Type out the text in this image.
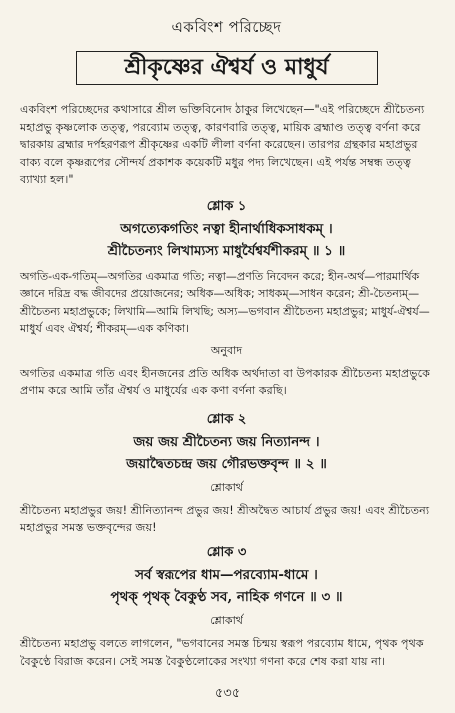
একবিংশ পরিচ্ছেদ
শ্রীকৃষ্ণের ঐশ্বর্য ও মাধুর্য

একবিংশ পরিচ্ছেদের কথাসারে শ্রীল ভক্তিবিনোদ ঠাকুর লিখেছেন—"এই পরিচ্ছেদে শ্রীচৈতন্য মহাপ্রভু কৃষ্ণলোক তত্ত্ব, পরব্যোম তত্ত্ব, কারণবারি তত্ত্ব, মায়িক ব্রহ্মাণ্ড তত্ত্ব বর্ণনা করে দ্বারকায় ব্রহ্মার দর্পহরণরূপ শ্রীকৃষ্ণের একটি লীলা বর্ণনা করেছেন। তারপর গ্রন্থকার মহাপ্রভুর বাক্য বলে কৃষ্ণরূপের সৌন্দর্য প্রকাশক কয়েকটি মধুর পদ্য লিখেছেন। এই পর্যন্ত সম্বন্ধ তত্ত্ব ব্যাখ্যা হল।"

শ্লোক ১
অগত্যেকগতিং নত্বা হীনার্থাধিকসাধকম্ ।
শ্রীচৈতন্যং লিখাম্যস্য মাধুর্যৈশ্বর্যশীকরম্ ॥ ১ ॥

অগতি-এক-গতিম্—অগতির একমাত্র গতি; নত্বা—প্রণতি নিবেদন করে; হীন-অর্থ—পারমার্থিক জ্ঞানে দরিদ্র বদ্ধ জীবদের প্রয়োজনের; অধিক—অধিক; সাধকম্—সাধন করেন; শ্রী-চৈতন্যম্—শ্রীচৈতন্য মহাপ্রভুকে; লিখামি—আমি লিখছি; অস্য—ভগবান শ্রীচৈতন্য মহাপ্রভুর; মাধুর্য-ঐশ্বর্য—মাধুর্য এবং ঐশ্বর্য; শীকরম্—এক কণিকা।

অনুবাদ

অগতির একমাত্র গতি এবং হীনজনের প্রতি অধিক অর্থদাতা বা উপকারক শ্রীচৈতন্য মহাপ্রভুকে প্রণাম করে আমি তাঁর ঐশ্বর্য ও মাধুর্যের এক কণা বর্ণনা করছি।

শ্লোক ২
জয় জয় শ্রীচৈতন্য জয় নিত্যানন্দ ।
জয়াদ্বৈতচন্দ্র জয় গৌরভক্তবৃন্দ ॥ ২ ॥
শ্লোকার্থ

শ্রীচৈতন্য মহাপ্রভুর জয়! শ্রীনিত্যানন্দ প্রভুর জয়! শ্রীঅদ্বৈত আচার্য প্রভুর জয়! এবং শ্রীচৈতন্য মহাপ্রভুর সমস্ত ভক্তবৃন্দের জয়!

শ্লোক ৩
সর্ব স্বরূপের ধাম—পরব্যোম-ধামে ।
পৃথক্ পৃথক্ বৈকুণ্ঠ সব, নাহিক গণনে ॥ ৩ ॥
শ্লোকার্থ

শ্রীচৈতন্য মহাপ্রভু বলতে লাগলেন, "ভগবানের সমস্ত চিন্ময় স্বরূপ পরব্যোম ধামে, পৃথক পৃথক বৈকুণ্ঠে বিরাজ করেন। সেই সমস্ত বৈকুণ্ঠলোকের সংখ্যা গণনা করে শেষ করা যায় না।

৫৩৫
